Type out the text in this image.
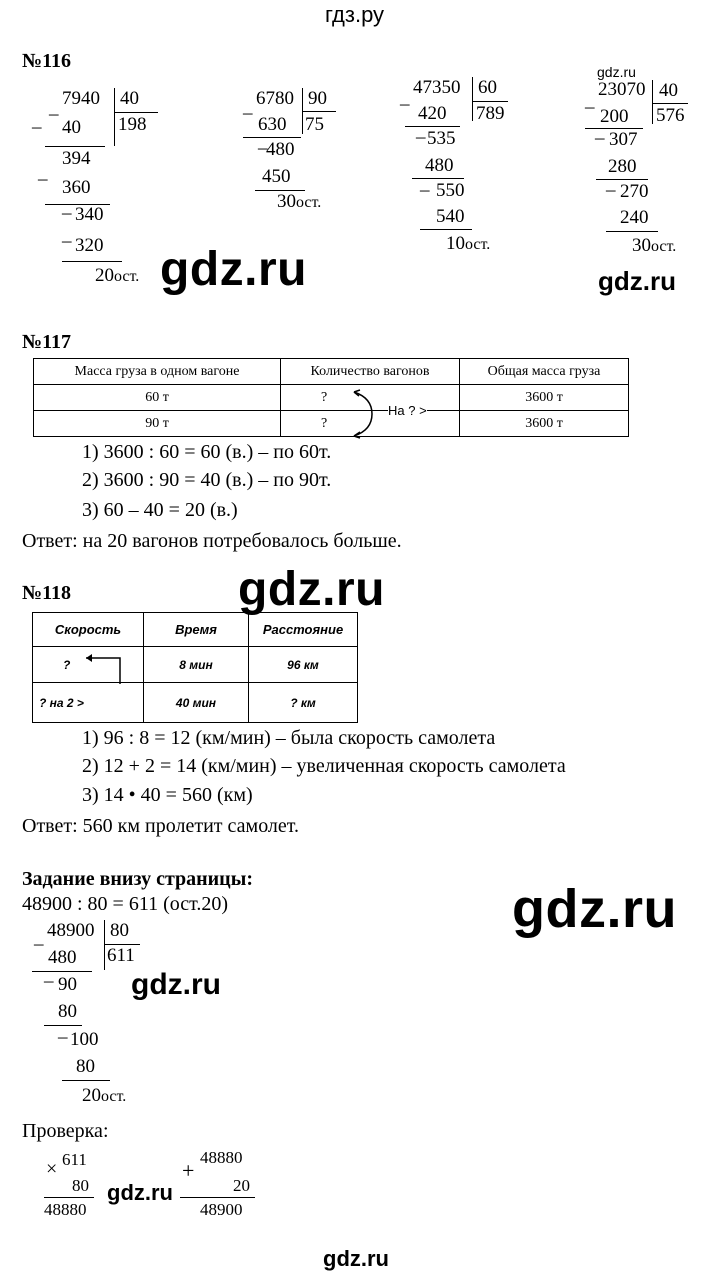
гдз.ру
№116
_ 7940 40
198
_ 40
394
_
360
_ 340
_
320
20ост.
_ 6780 90
75
630
_
480
450
30ост.
_ 47350 60
789
420
_ 535
480
_ 550
540
10ост.
gdz.ru
_
23070 40
576
200
_ 307
280
_ 270
240
30ост.
gdz.ru	gdz.ru
№117
Масса груза в одном вагоне	Количество вагонов	Общая масса груза
60 т	?	3600 т
90 т	?	3600 т
На ? >
1) 3600 : 60 = 60 (в.) – по 60т.
2) 3600 : 90 = 40 (в.) – по 90т.
3) 60 – 40 = 20 (в.)
Ответ: на 20 вагонов потребовалось больше.
№118	gdz.ru
Скорость	Время	Расстояние
?	8 мин	96 км
? на 2 >	40 мин	? км
1) 96 : 8 = 12 (км/мин) – была скорость самолета
2) 12 + 2 = 14 (км/мин) – увеличенная скорость самолета
3) 14 • 40 = 560 (км)
Ответ: 560 км пролетит самолет.
Задание внизу страницы:
48900 : 80 = 611 (ост.20)	gdz.ru
_ 48900 80
611
480
_ 90
80
_ 100
80
20ост.
gdz.ru
Проверка:
× 611
80
48880
gdz.ru
+
48880
20
48900
gdz.ru
